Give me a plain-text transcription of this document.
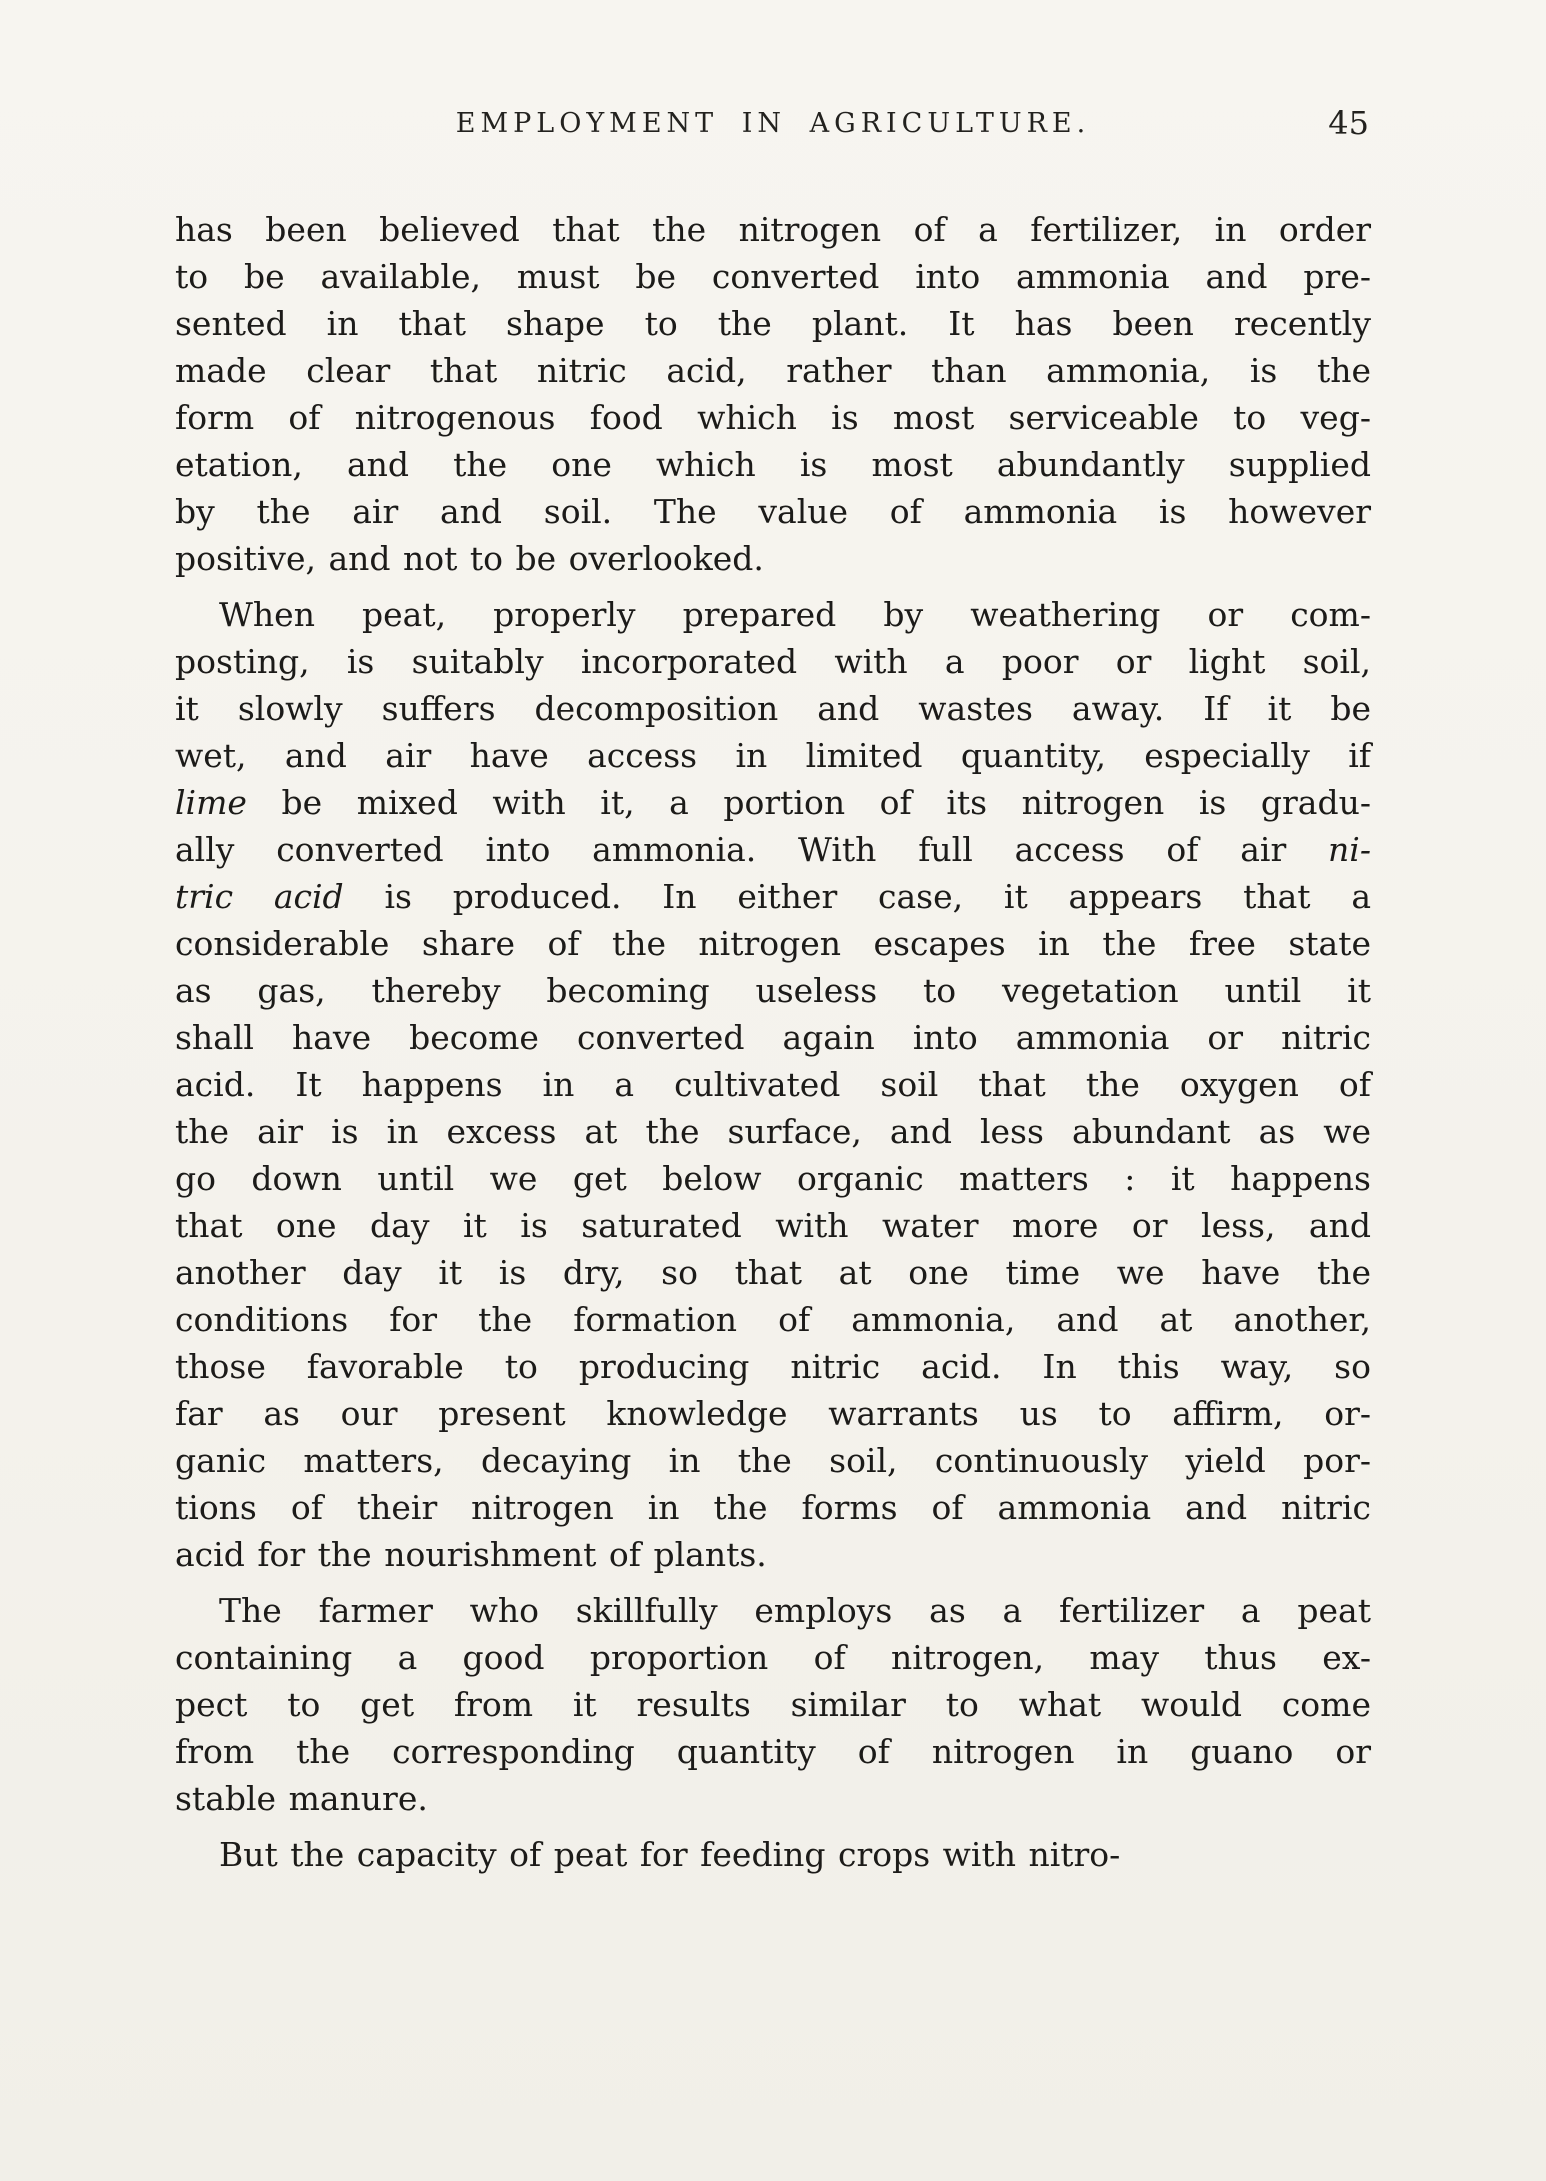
EMPLOYMENT IN AGRICULTURE.	45
has been believed that the nitrogen of a fertilizer, in order
to be available, must be converted into ammonia and pre-
sented in that shape to the plant. It has been recently
made clear that nitric acid, rather than ammonia, is the
form of nitrogenous food which is most serviceable to veg-
etation, and the one which is most abundantly supplied
by the air and soil. The value of ammonia is however
positive, and not to be overlooked.
When peat, properly prepared by weathering or com-
posting, is suitably incorporated with a poor or light soil,
it slowly suffers decomposition and wastes away. If it be
wet, and air have access in limited quantity, especially if
lime be mixed with it, a portion of its nitrogen is gradu-
ally converted into ammonia. With full access of air ni-
tric acid is produced. In either case, it appears that a
considerable share of the nitrogen escapes in the free state
as gas, thereby becoming useless to vegetation until it
shall have become converted again into ammonia or nitric
acid. It happens in a cultivated soil that the oxygen of
the air is in excess at the surface, and less abundant as we
go down until we get below organic matters : it happens
that one day it is saturated with water more or less, and
another day it is dry, so that at one time we have the
conditions for the formation of ammonia, and at another,
those favorable to producing nitric acid. In this way, so
far as our present knowledge warrants us to affirm, or-
ganic matters, decaying in the soil, continuously yield por-
tions of their nitrogen in the forms of ammonia and nitric
acid for the nourishment of plants.
The farmer who skillfully employs as a fertilizer a peat
containing a good proportion of nitrogen, may thus ex-
pect to get from it results similar to what would come
from the corresponding quantity of nitrogen in guano or
stable manure.
But the capacity of peat for feeding crops with nitro-
